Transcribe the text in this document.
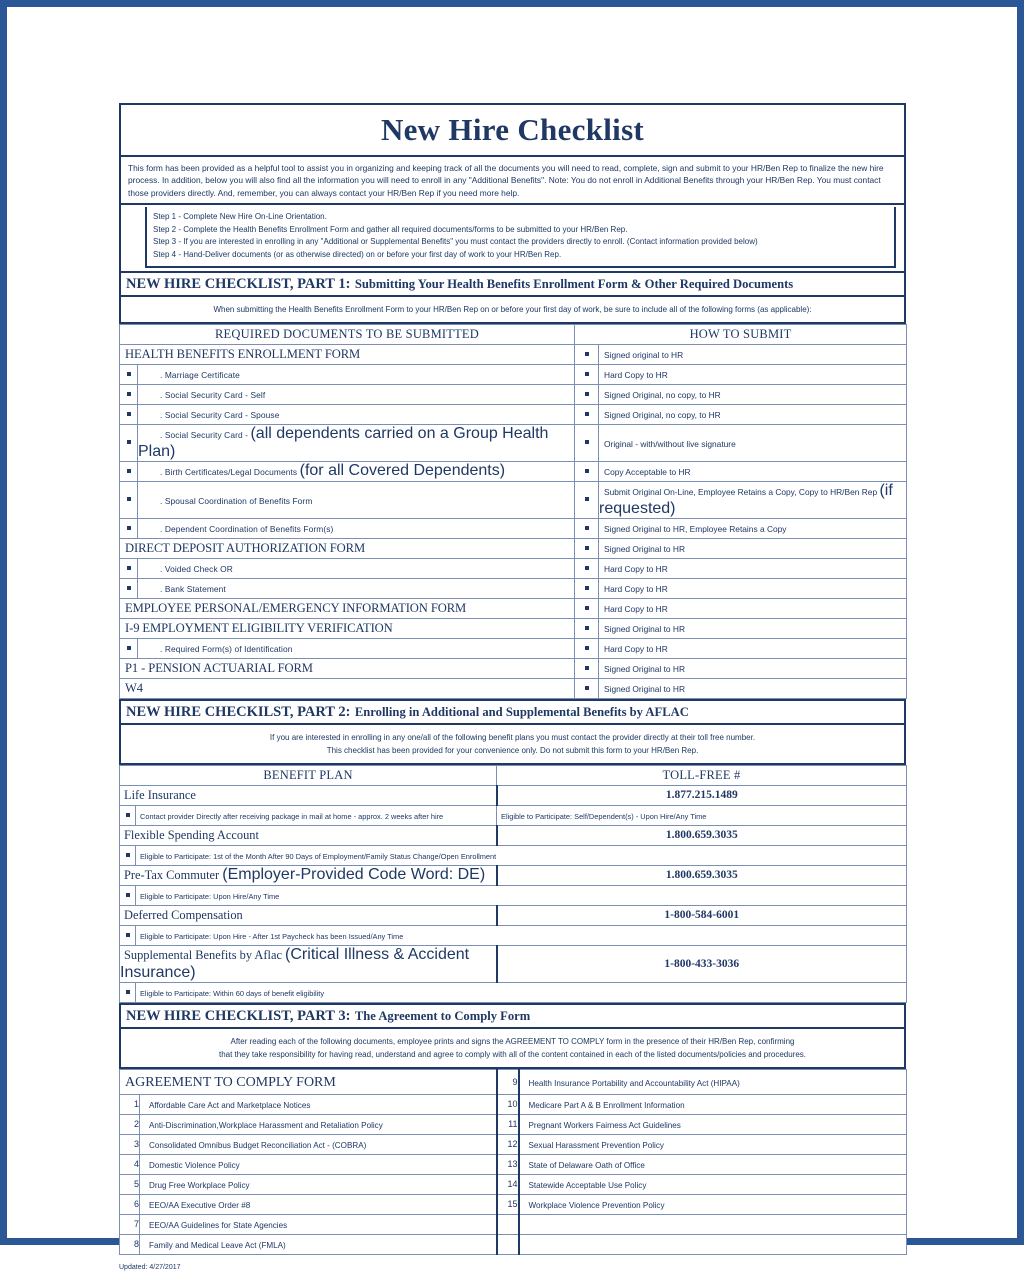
New Hire Checklist

This form has been provided as a helpful tool to assist you in organizing and keeping track of all the documents you will need to read, complete, sign and submit to your HR/Ben Rep to finalize the new hire process. In addition, below you will also find all the information you will need to enroll in any "Additional Benefits". Note: You do not enroll in Additional Benefits through your HR/Ben Rep. You must contact those providers directly. And, remember, you can always contact your HR/Ben Rep if you need more help.

Step 1 - Complete New Hire On-Line Orientation.
Step 2 - Complete the Health Benefits Enrollment Form and gather all required documents/forms to be submitted to your HR/Ben Rep.
Step 3 - If you are interested in enrolling in any "Additional or Supplemental Benefits" you must contact the providers directly to enroll. (Contact information provided below)
Step 4 - Hand-Deliver documents (or as otherwise directed) on or before your first day of work to your HR/Ben Rep.
NEW HIRE CHECKLIST, PART 1: Submitting Your Health Benefits Enrollment Form & Other Required Documents
When submitting the Health Benefits Enrollment Form to your HR/Ben Rep on or before your first day of work, be sure to include all of the following forms (as applicable):
REQUIRED DOCUMENTS TO BE SUBMITTED		HOW TO SUBMIT	
HEALTH BENEFITS ENROLLMENT FORM			Signed original to HR
	. Marriage Certificate		Hard Copy to HR
	. Social Security Card - Self		Signed Original, no copy, to HR
	. Social Security Card - Spouse		Signed Original, no copy, to HR
	. Social Security Card - (all dependents carried on a Group Health Plan)		Original - with/without live signature
	. Birth Certificates/Legal Documents (for all Covered Dependents)		Copy Acceptable to HR
	. Spousal Coordination of Benefits Form		Submit Original On-Line, Employee Retains a Copy, Copy to HR/Ben Rep (if requested)
	. Dependent Coordination of Benefits Form(s)		Signed Original to HR, Employee Retains a Copy
DIRECT DEPOSIT AUTHORIZATION FORM			Signed Original to HR
	. Voided Check OR		Hard Copy to HR
	. Bank Statement		Hard Copy to HR
EMPLOYEE PERSONAL/EMERGENCY INFORMATION FORM			Hard Copy to HR
I-9 EMPLOYMENT ELIGIBILITY VERIFICATION			Signed Original to HR
	. Required Form(s) of Identification		Hard Copy to HR
P1 - PENSION ACTUARIAL FORM			Signed Original to HR
W4			Signed Original to HR
NEW HIRE CHECKILST, PART 2: Enrolling in Additional and Supplemental Benefits by AFLAC
If you are interested in enrolling in any one/all of the following benefit plans you must contact the provider directly at their toll free number.
This checklist has been provided for your convenience only. Do not submit this form to your HR/Ben Rep.
BENEFIT PLAN		TOLL-FREE #
Life Insurance		1.877.215.1489
	Contact provider Directly after receiving package in mail at home - approx. 2 weeks after hire	Eligible to Participate: Self/Dependent(s) - Upon Hire/Any Time
Flexible Spending Account		1.800.659.3035
	Eligible to Participate: 1st of the Month After 90 Days of Employment/Family Status Change/Open Enrollment	
Pre-Tax Commuter (Employer-Provided Code Word: DE)		1.800.659.3035
	Eligible to Participate: Upon Hire/Any Time	
Deferred Compensation		1-800-584-6001
	Eligible to Participate: Upon Hire - After 1st Paycheck has been Issued/Any Time	
Supplemental Benefits by Aflac (Critical Illness & Accident Insurance)		1-800-433-3036
	Eligible to Participate: Within 60 days of benefit eligibility	
NEW HIRE CHECKLIST, PART 3: The Agreement to Comply Form
After reading each of the following documents, employee prints and signs the AGREEMENT TO COMPLY form in the presence of their HR/Ben Rep, confirming
that they take responsibility for having read, understand and agree to comply with all of the content contained in each of the listed documents/policies and procedures.
AGREEMENT TO COMPLY FORM		9	Health Insurance Portability and Accountability Act (HIPAA)
1	Affordable Care Act and Marketplace Notices	10	Medicare Part A & B Enrollment Information
2	Anti-Discrimination,Workplace Harassment and Retaliation Policy	11	Pregnant Workers Fairness Act Guidelines
3	Consolidated Omnibus Budget Reconciliation Act - (COBRA)	12	Sexual Harassment Prevention Policy
4	Domestic Violence Policy	13	State of Delaware Oath of Office
5	Drug Free Workplace Policy	14	Statewide Acceptable Use Policy
6	EEO/AA Executive Order #8	15	Workplace Violence Prevention Policy
7	EEO/AA Guidelines for State Agencies		
8	Family and Medical Leave Act (FMLA)		
Updated: 4/27/2017
